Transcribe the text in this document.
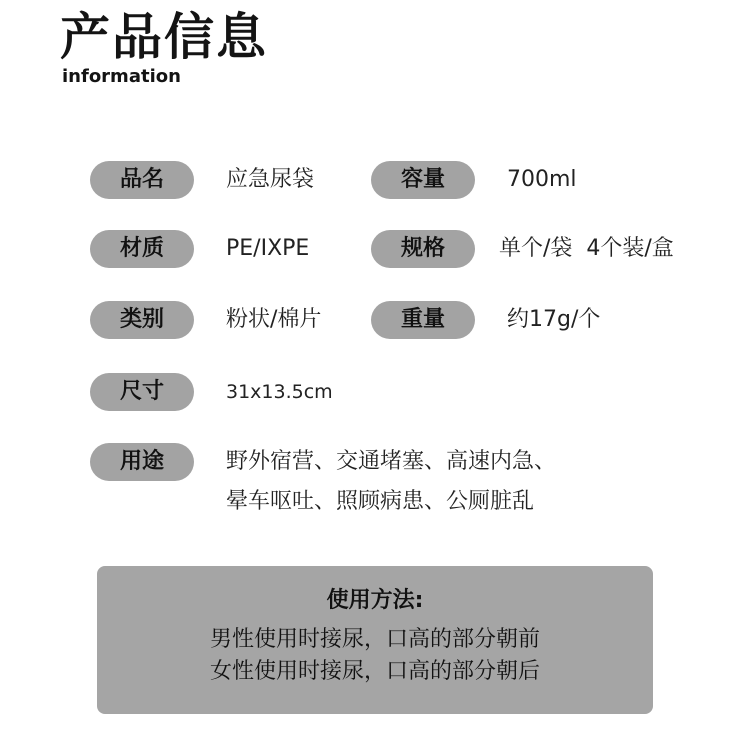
产品信息
information
品名	应急尿袋	容量	700ml
材质	PE/IXPE	规格	单个/袋  4个装/盒
类别	粉状/棉片	重量	约17g/个
尺寸	31x13.5cm
用途	野外宿营、交通堵塞、高速内急、
晕车呕吐、照顾病患、公厕脏乱
使用方法:
男性使用时接尿，口高的部分朝前
女性使用时接尿，口高的部分朝后
